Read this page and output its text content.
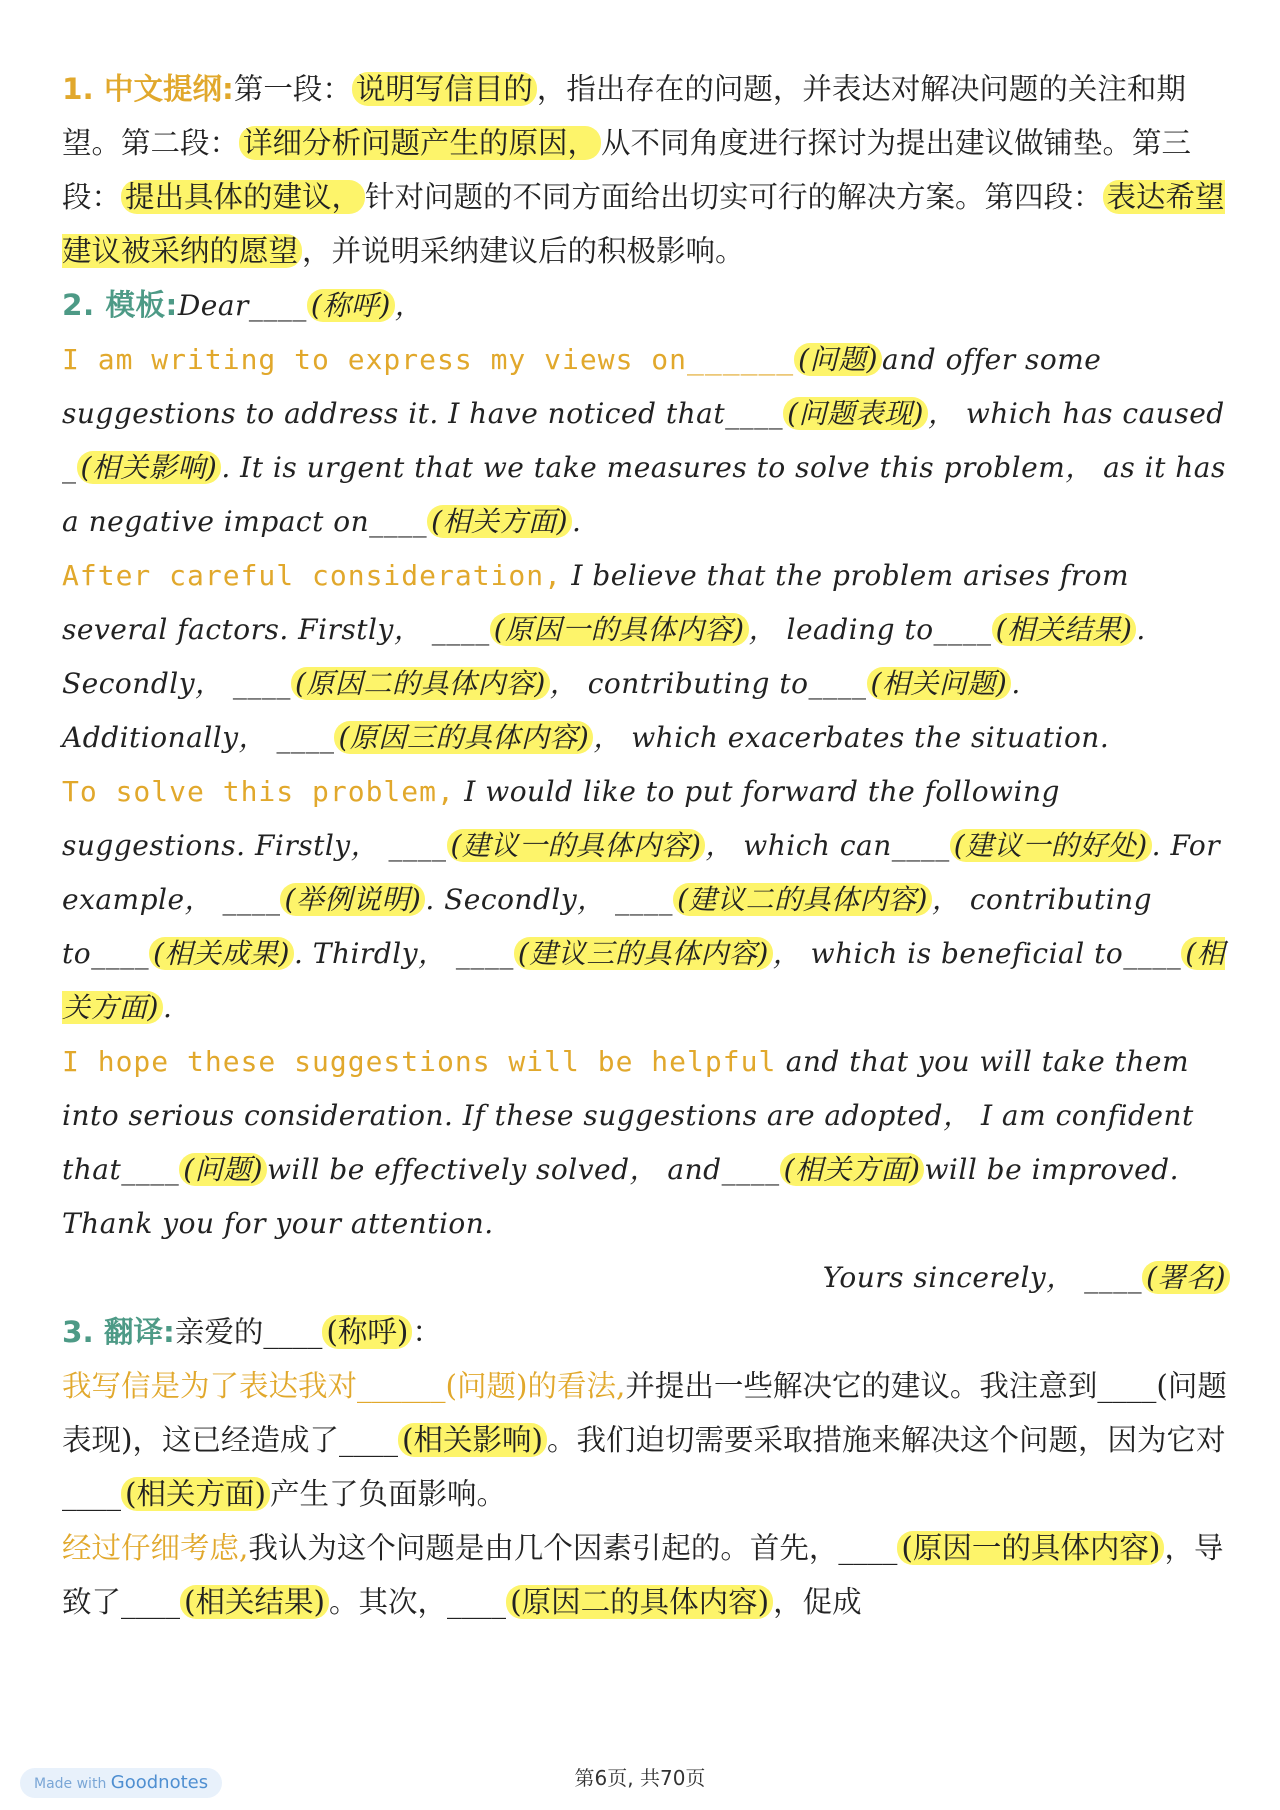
1. 中文提纲:第一段： 说明写信目的 ，指出存在的问题，并表达对解决问题的关注和期望。第二段： 详细分析问题产生的原因， 从不同角度进行探讨为提出建议做铺垫。第三段： 提出具体的建议， 针对问题的不同方面给出切实可行的解决方案。第四段： 表达希望建议被采纳的愿望 ，并说明采纳建议后的积极影响。

2. 模板:Dear____ (称呼) ，

I am writing to express my views on______ (问题) and offer some suggestions to address it. I have noticed that____ (问题表现) ， which has caused _ (相关影响) . It is urgent that we take measures to solve this problem， as it has a negative impact on____ (相关方面) .

After careful consideration, I believe that the problem arises from several factors. Firstly， ____ (原因一的具体内容) ， leading to____ (相关结果) . Secondly， ____ (原因二的具体内容) ， contributing to____ (相关问题) . Additionally， ____ (原因三的具体内容) ， which exacerbates the situation.

To solve this problem, I would like to put forward the following suggestions. Firstly， ____ (建议一的具体内容) ， which can____ (建议一的好处) . For example， ____ (举例说明) . Secondly， ____ (建议二的具体内容) ， contributing to____ (相关成果) . Thirdly， ____ (建议三的具体内容) ， which is beneficial to____ (相关方面) .

I hope these suggestions will be helpful and that you will take them into serious consideration. If these suggestions are adopted， I am confident that____ (问题) will be effectively solved， and____ (相关方面) will be improved.

Thank you for your attention.

Yours sincerely， ____ (署名)

3. 翻译:亲爱的____ (称呼) ：

我写信是为了表达我对______(问题)的看法,并提出一些解决它的建议。我注意到____(问题表现)，这已经造成了____ (相关影响) 。我们迫切需要采取措施来解决这个问题，因为它对____ (相关方面) 产生了负面影响。

经过仔细考虑,我认为这个问题是由几个因素引起的。首先，____ (原因一的具体内容) ，导致了____ (相关结果) 。其次，____ (原因二的具体内容) ，促成

Made with Goodnotes	第6页, 共70页
